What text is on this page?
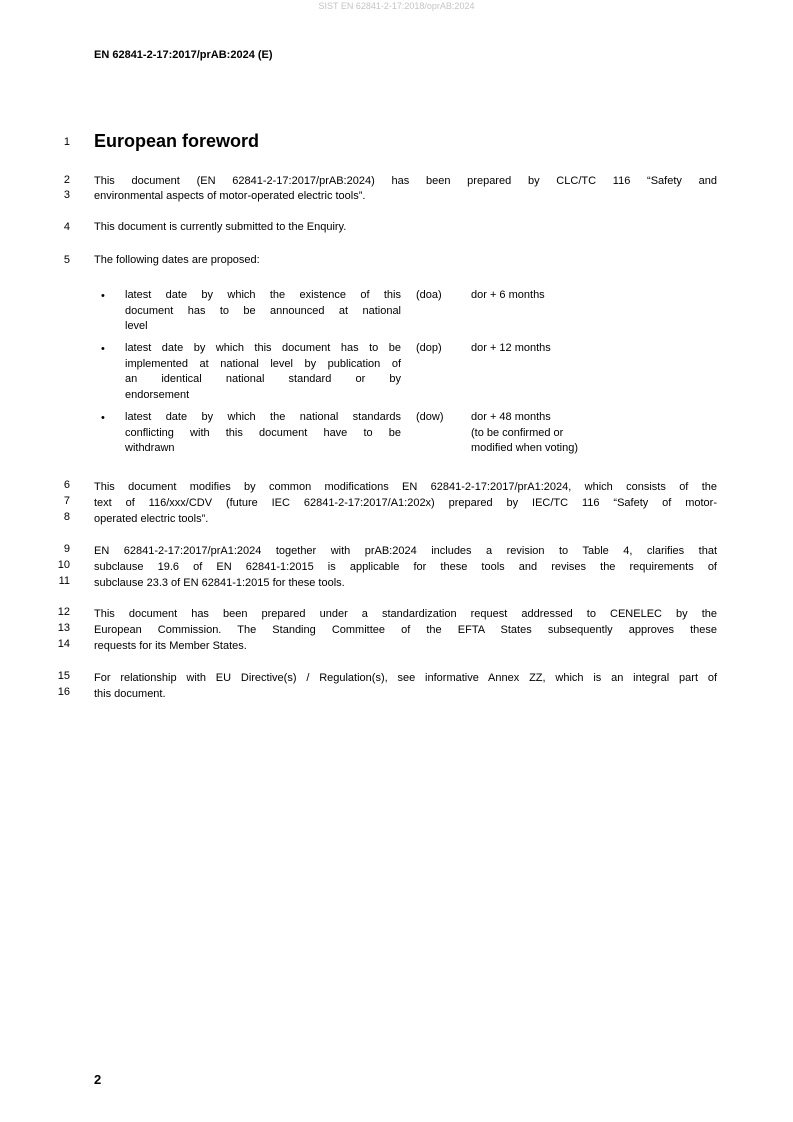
SIST EN 62841-2-17:2018/oprAB:2024
EN 62841-2-17:2017/prAB:2024 (E)
1
2
3
4
5
6
7
8
9
10
11
12
13
14
15
16
European foreword
This document (EN 62841-2-17:2017/prAB:2024) has been prepared by CLC/TC 116 “Safety and
environmental aspects of motor-operated electric tools”.
This document is currently submitted to the Enquiry.
The following dates are proposed:
• latest date by which the existence of this
document has to be announced at national
level
(doa)	dor + 6 months
• latest date by which this document has to be
implemented at national level by publication of
an identical national standard or by
endorsement
(dop)	dor + 12 months
• latest date by which the national standards
conflicting with this document have to be
withdrawn
(dow) dor + 48 months
(to be confirmed or
modified when voting)
This document modifies by common modifications EN 62841-2-17:2017/prA1:2024, which consists of the
text of 116/xxx/CDV (future IEC 62841-2-17:2017/A1:202x) prepared by IEC/TC 116 “Safety of motor-
operated electric tools”.
EN 62841-2-17:2017/prA1:2024 together with prAB:2024 includes a revision to Table 4, clarifies that
subclause 19.6 of EN 62841-1:2015 is applicable for these tools and revises the requirements of
subclause 23.3 of EN 62841-1:2015 for these tools.
This document has been prepared under a standardization request addressed to CENELEC by the
European Commission. The Standing Committee of the EFTA States subsequently approves these
requests for its Member States.
For relationship with EU Directive(s) / Regulation(s), see informative Annex ZZ, which is an integral part of
this document.
2
